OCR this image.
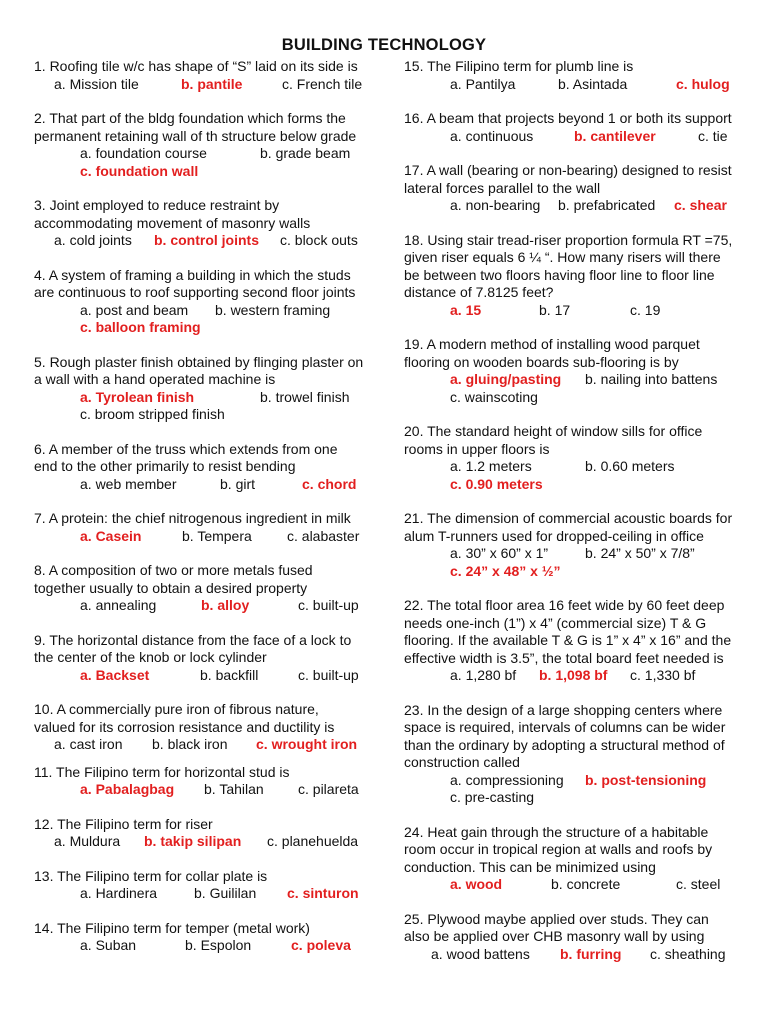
BUILDING TECHNOLOGY
1. Roofing tile w/c has shape of “S” laid on its side is
a. Mission tile	b. pantile	c. French tile
2. That part of the bldg foundation which forms the
permanent retaining wall of th structure below grade
a. foundation course	b. grade beam
c. foundation wall
3. Joint employed to reduce restraint by
accommodating movement of masonry walls
a. cold joints b. control joints c. block outs
4. A system of framing a building in which the studs
are continuous to roof supporting second floor joints
a. post and beam b. western framing
c. balloon framing
5. Rough plaster finish obtained by flinging plaster on
a wall with a hand operated machine is
a. Tyrolean finish	b. trowel finish
c. broom stripped finish
6. A member of the truss which extends from one
end to the other primarily to resist bending
a. web member	b. girt	c. chord
7. A protein: the chief nitrogenous ingredient in milk
a. Casein	b. Tempera	c. alabaster
8. A composition of two or more metals fused
together usually to obtain a desired property
a. annealing	b. alloy	c. built-up
9. The horizontal distance from the face of a lock to
the center of the knob or lock cylinder
a. Backset	b. backfill	c. built-up
10. A commercially pure iron of fibrous nature,
valued for its corrosion resistance and ductility is
a. cast iron b. black iron c. wrought iron
11. The Filipino term for horizontal stud is
a. Pabalagbag b. Tahilan c. pilareta
12. The Filipino term for riser
a. Muldura b. takip silipan c. planehuelda
13. The Filipino term for collar plate is
a. Hardinera	b. Guililan c. sinturon
14. The Filipino term for temper (metal work)
a. Suban	b. Espolon	c. poleva
15. The Filipino term for plumb line is
a. Pantilya	b. Asintada	c. hulog
16. A beam that projects beyond 1 or both its support
a. continuous	b. cantilever	c. tie
17. A wall (bearing or non-bearing) designed to resist
lateral forces parallel to the wall
a. non-bearing b. prefabricated c. shear
18. Using stair tread-riser proportion formula RT =75,
given riser equals 6 ¼ “. How many risers will there
be between two floors having floor line to floor line
distance of 7.8125 feet?
a. 15	b. 17	c. 19
19. A modern method of installing wood parquet
flooring on wooden boards sub-flooring is by
a. gluing/pasting b. nailing into battens
c. wainscoting
20. The standard height of window sills for office
rooms in upper floors is
a. 1.2 meters	b. 0.60 meters
c. 0.90 meters
21. The dimension of commercial acoustic boards for
alum T-runners used for dropped-ceiling in office
a. 30” x 60” x 1”	b. 24” x 50” x 7/8”
c. 24” x 48” x ½”
22. The total floor area 16 feet wide by 60 feet deep
needs one-inch (1”) x 4” (commercial size) T & G
flooring. If the available T & G is 1” x 4” x 16” and the
effective width is 3.5”, the total board feet needed is
a. 1,280 bf b. 1,098 bf c. 1,330 bf
23. In the design of a large shopping centers where
space is required, intervals of columns can be wider
than the ordinary by adopting a structural method of
construction called
a. compressioning b. post-tensioning
c. pre-casting
24. Heat gain through the structure of a habitable
room occur in tropical region at walls and roofs by
conduction. This can be minimized using
a. wood	b. concrete	c. steel
25. Plywood maybe applied over studs. They can
also be applied over CHB masonry wall by using
a. wood battens b. furring c. sheathing
